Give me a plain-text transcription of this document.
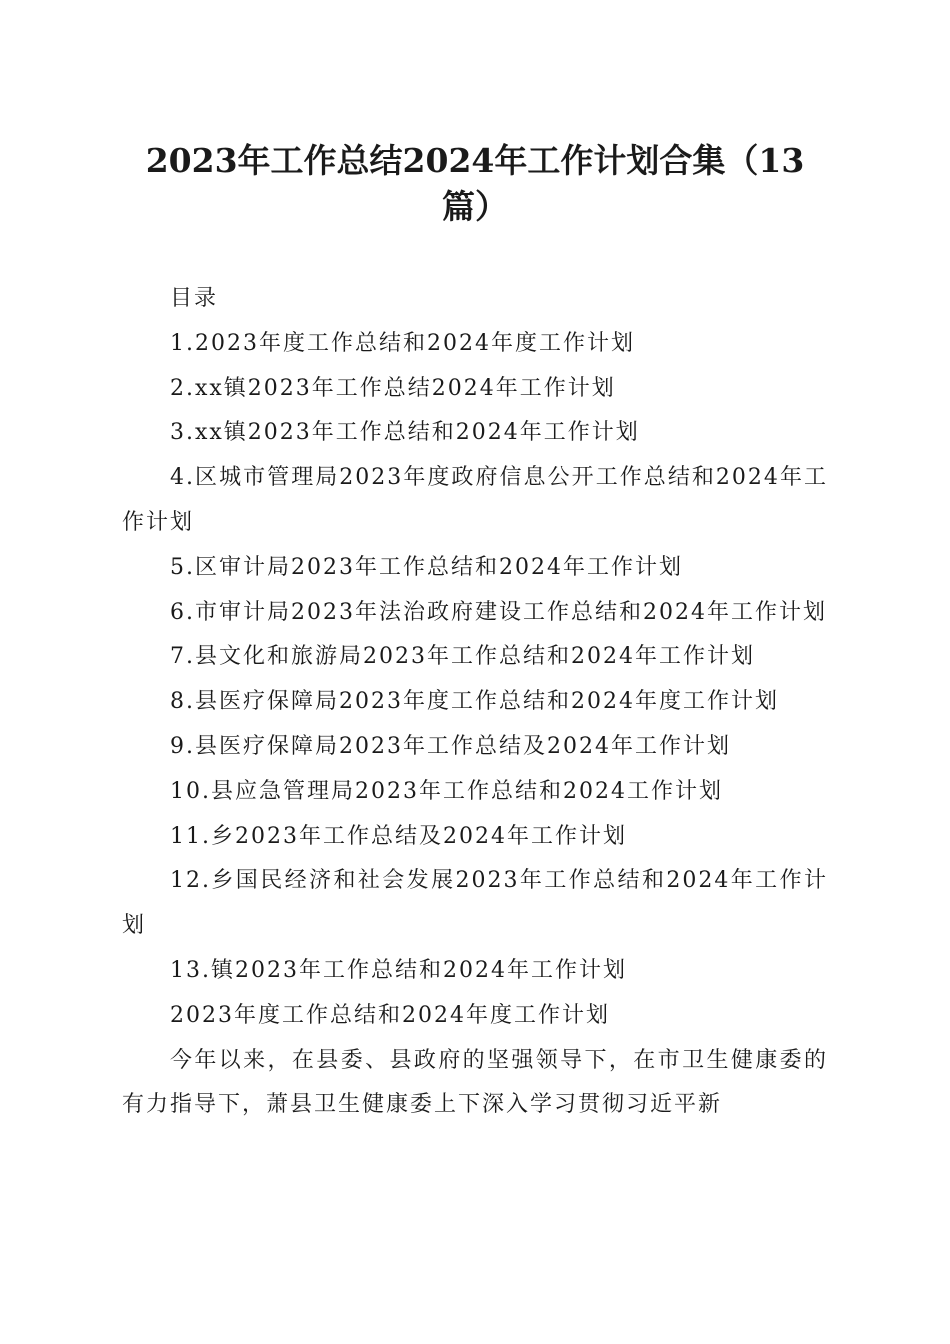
2023年工作总结2024年工作计划合集（13篇）

目录

1.2023年度工作总结和2024年度工作计划

2.xx镇2023年工作总结2024年工作计划

3.xx镇2023年工作总结和2024年工作计划

4.区城市管理局2023年度政府信息公开工作总结和2024年工作计划

5.区审计局2023年工作总结和2024年工作计划

6.市审计局2023年法治政府建设工作总结和2024年工作计划

7.县文化和旅游局2023年工作总结和2024年工作计划

8.县医疗保障局2023年度工作总结和2024年度工作计划

9.县医疗保障局2023年工作总结及2024年工作计划

10.县应急管理局2023年工作总结和2024工作计划

11.乡2023年工作总结及2024年工作计划

12.乡国民经济和社会发展2023年工作总结和2024年工作计划

13.镇2023年工作总结和2024年工作计划

2023年度工作总结和2024年度工作计划

今年以来，在县委、县政府的坚强领导下，在市卫生健康委的有力指导下，萧县卫生健康委上下深入学习贯彻习近平新
